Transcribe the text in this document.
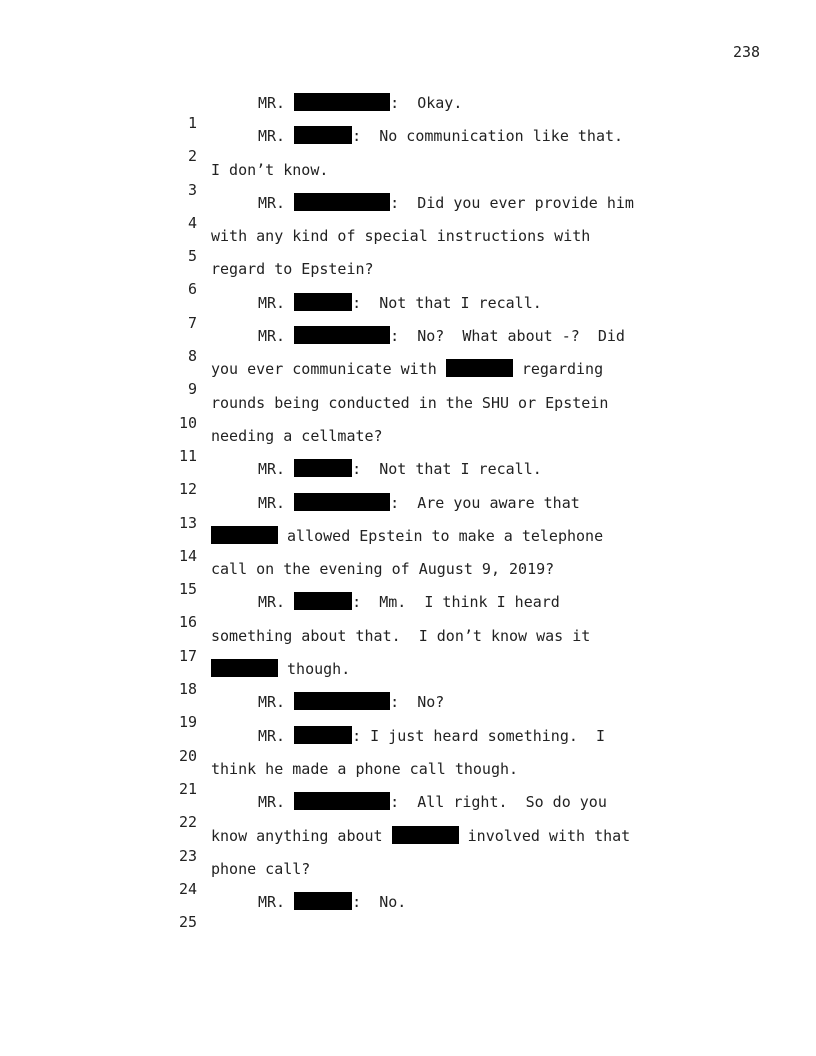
238

1

MR.	:  Okay.

2

MR.	:  No communication like that.

3

I don’t know.

4

MR.	:  Did you ever provide him

5

with any kind of special instructions with

6

regard to Epstein?

7

MR.	:  Not that I recall.

8

MR.	:  No?  What about -?  Did

9

you ever communicate with	regarding

10

rounds being conducted in the SHU or Epstein

11

needing a cellmate?

12

MR.	:  Not that I recall.

13

MR.	:  Are you aware that

14

allowed Epstein to make a telephone

15

call on the evening of August 9, 2019?

16

MR.	:  Mm.  I think I heard

17

something about that.  I don’t know was it

18

though.

19

MR.	:  No?

20

MR.	: I just heard something.  I

21

think he made a phone call though.

22

MR.	:  All right.  So do you

23

know anything about	involved with that

24

phone call?

25

MR.	:  No.
